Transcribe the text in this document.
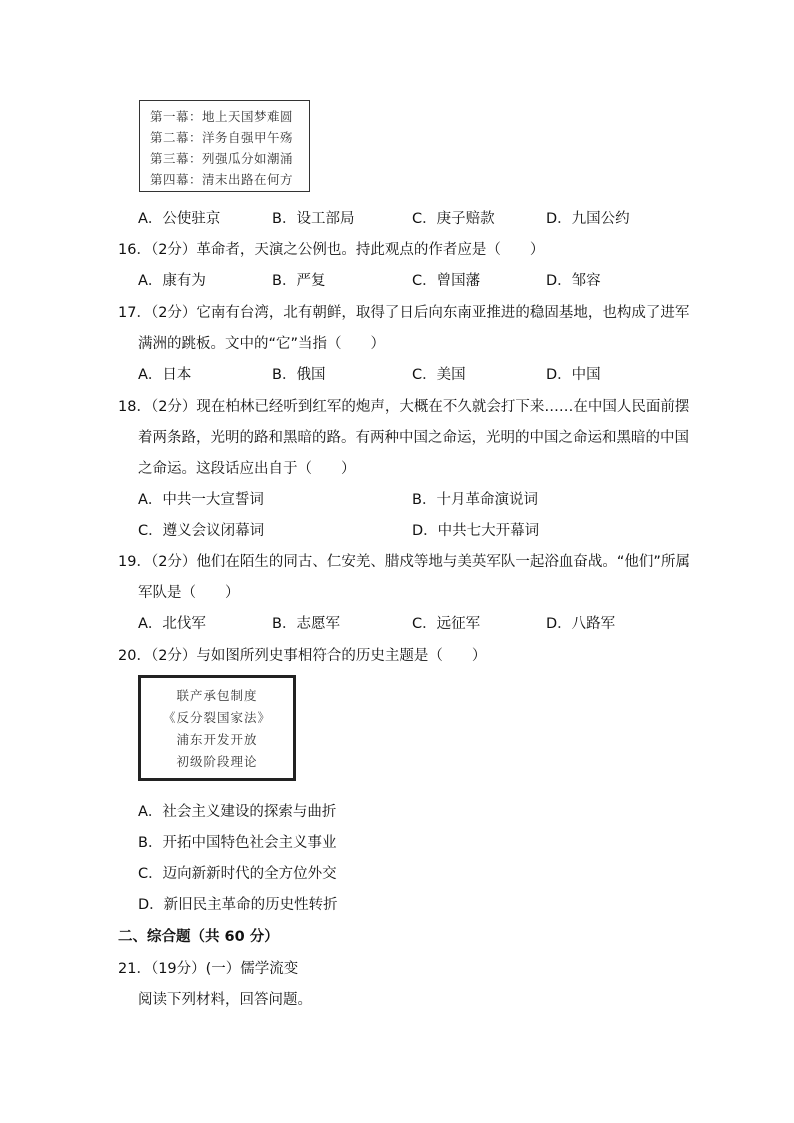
第一幕：地上天国梦难圆
第二幕：洋务自强甲午殇
第三幕：列强瓜分如潮涌
第四幕：清末出路在何方
A．公使驻京	B．设工部局	C．庚子赔款	D．九国公约
16．（2分）革命者，天演之公例也。持此观点的作者应是（　　）
A．康有为	B．严复	C．曾国藩	D．邹容
17．（2分）它南有台湾，北有朝鲜，取得了日后向东南亚推进的稳固基地，也构成了进军
满洲的跳板。文中的“它”当指（　　）
A．日本	B．俄国	C．美国	D．中国
18．（2分）现在柏林已经听到红军的炮声，大概在不久就会打下来……在中国人民面前摆
着两条路，光明的路和黑暗的路。有两种中国之命运，光明的中国之命运和黑暗的中国
之命运。这段话应出自于（　　）
A．中共一大宣誓词	B．十月革命演说词
C．遵义会议闭幕词	D．中共七大开幕词
19．（2分）他们在陌生的同古、仁安羌、腊戍等地与美英军队一起浴血奋战。“他们”所属
军队是（　　）
A．北伐军	B．志愿军	C．远征军	D．八路军
20．（2分）与如图所列史事相符合的历史主题是（　　）
联产承包制度
《反分裂国家法》
浦东开发开放
初级阶段理论
A．社会主义建设的探索与曲折
B．开拓中国特色社会主义事业
C．迈向新新时代的全方位外交
D．新旧民主革命的历史性转折
二、综合题（共 60 分）
21．（19分）(一）儒学流变
阅读下列材料，回答问题。
